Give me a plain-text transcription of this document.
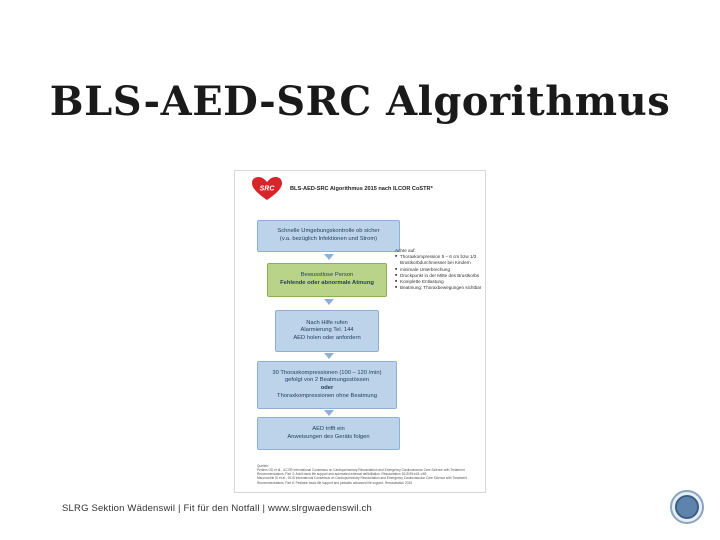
BLS-AED-SRC Algorithmus
SRC	BLS-AED-SRC Algorithmus 2015 nach ILCOR CoSTR*
Schnelle Umgebungskontrolle ob sicher
(v.a. bezüglich Infektionen und Strom)
Bewusstlose Person
Fehlende oder abnormale Atmung
Nach Hilfe rufen
Alarmierung Tel. 144
AED holen oder anfordern
30 Thoraxkompressionen (100 – 120 /min)
gefolgt von 2 Beatmungsstössen
oder
Thoraxkompressionen ohne Beatmung
AED trifft ein
Anweisungen des Geräts folgen
Achte auf:
■ Thoraxkompression 5 – 6 cm bzw 1/3 Brustkorbdurchmesser bei Kindern
■ minimale Unterbrechung
■ Druckpunkt in der Mitte des Brustkorbs
■ Komplette Entlastung
■ Beatmung: Thoraxbewegungen sichtbar
Quellen:
Perkins GD et al., ILCOR International Consensus on Cardiopulmonary Resuscitation and Emergency Cardiovascular Care Science with Treatment Recommendations. Part 3: Adult basic life support and automated external defibrillation. Resuscitation 2015;95:e43–e69
Maconochie IK et al., 2015 International Consensus on Cardiopulmonary Resuscitation and Emergency Cardiovascular Care Science with Treatment Recommendations. Part 6: Pediatric basic life support and pediatric advanced life support. Resuscitation 2015
SLRG Sektion Wädenswil | Fit für den Notfall | www.slrgwaedenswil.ch
